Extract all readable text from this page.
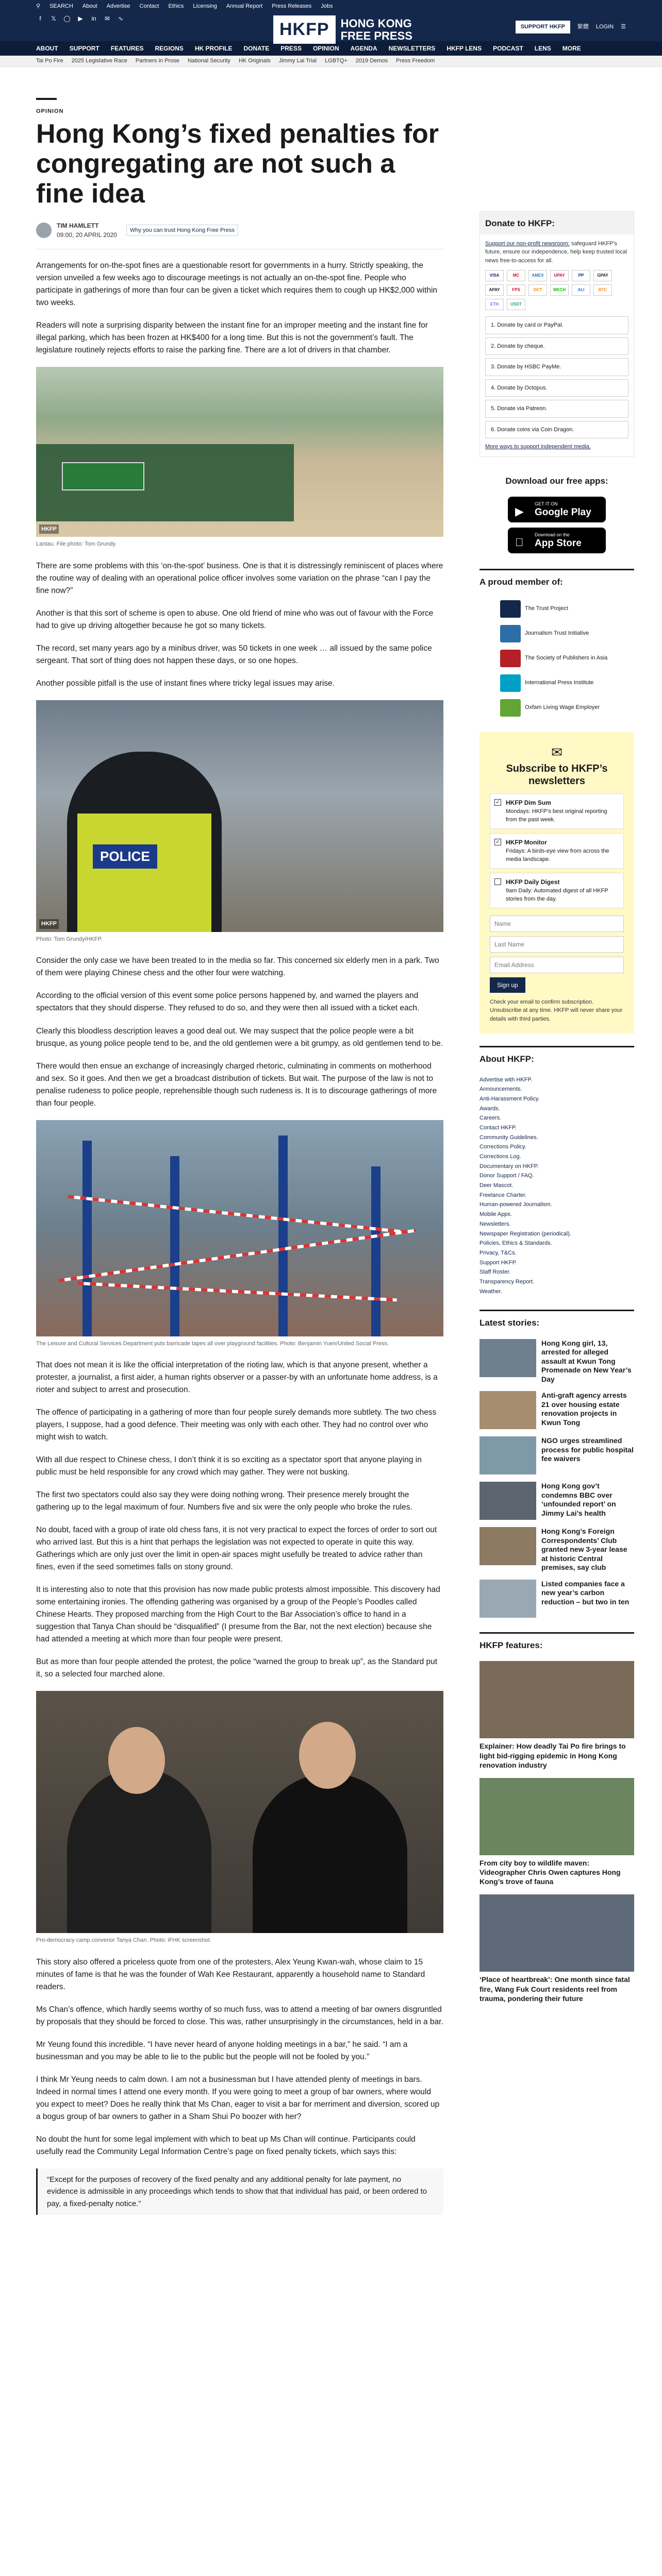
⚲ SEARCH About Advertise Contact Ethics Licensing Annual Report Press Releases Jobs
f	𝕏 ◯ ▶ in ✉ ∿
HKFP	HONG KONG
FREE PRESS
SUPPORT HKFP	繁體 LOGIN ☰
ABOUT SUPPORT FEATURES REGIONS HK PROFILE DONATE PRESS OPINION AGENDA NEWSLETTERS HKFP LENS PODCAST LENS MORE
Tai Po Fire 2025 Legislative Race Partners in Prose National Security HK Originals Jimmy Lai Trial LGBTQ+ 2019 Demos Press Freedom
OPINION
Hong Kong’s fixed penalties for congregating are not such a fine idea
TIM HAMLETT
09:00, 20 APRIL 2020
Why you can trust Hong Kong Free Press

Arrangements for on-the-spot fines are a questionable resort for governments in a hurry. Strictly speaking, the version unveiled a few weeks ago to discourage meetings is not actually an on-the-spot fine. People who participate in gatherings of more than four can be given a ticket which requires them to cough up HK$2,000 within two weeks.

Readers will note a surprising disparity between the instant fine for an improper meeting and the instant fine for illegal parking, which has been frozen at HK$400 for a long time. But this is not the government’s fault. The legislature routinely rejects efforts to raise the parking fine. There are a lot of drivers in that chamber.

HKFP
Lantau. File photo: Tom Grundy.

There are some problems with this ‘on-the-spot’ business. One is that it is distressingly reminiscent of places where the routine way of dealing with an operational police officer involves some variation on the phrase “can I pay the fine now?”

Another is that this sort of scheme is open to abuse. One old friend of mine who was out of favour with the Force had to give up driving altogether because he got so many tickets.

The record, set many years ago by a minibus driver, was 50 tickets in one week … all issued by the same police sergeant. That sort of thing does not happen these days, or so one hopes.

Another possible pitfall is the use of instant fines where tricky legal issues may arise.

POLICE
HKFP
Photo: Tom Grundy/HKFP.

Consider the only case we have been treated to in the media so far. This concerned six elderly men in a park. Two of them were playing Chinese chess and the other four were watching.

According to the official version of this event some police persons happened by, and warned the players and spectators that they should disperse. They refused to do so, and they were then all issued with a ticket each.

Clearly this bloodless description leaves a good deal out. We may suspect that the police people were a bit brusque, as young police people tend to be, and the old gentlemen were a bit grumpy, as old gentlemen tend to be.

There would then ensue an exchange of increasingly charged rhetoric, culminating in comments on motherhood and sex. So it goes. And then we get a broadcast distribution of tickets. But wait. The purpose of the law is not to penalise rudeness to police people, reprehensible though such rudeness is. It is to discourage gatherings of more than four people.

The Leisure and Cultural Services Department puts barricade tapes all over playground facilities. Photo: Benjamin Yuen/United Social Press.

That does not mean it is like the official interpretation of the rioting law, which is that anyone present, whether a protester, a journalist, a first aider, a human rights observer or a passer-by with an unfortunate home address, is a rioter and subject to arrest and prosecution.

The offence of participating in a gathering of more than four people surely demands more subtlety. The two chess players, I suppose, had a good defence. Their meeting was only with each other. They had no control over who might wish to watch.

With all due respect to Chinese chess, I don’t think it is so exciting as a spectator sport that anyone playing in public must be held responsible for any crowd which may gather. They were not busking.

The first two spectators could also say they were doing nothing wrong. Their presence merely brought the gathering up to the legal maximum of four. Numbers five and six were the only people who broke the rules.

No doubt, faced with a group of irate old chess fans, it is not very practical to expect the forces of order to sort out who arrived last. But this is a hint that perhaps the legislation was not expected to operate in quite this way. Gatherings which are only just over the limit in open-air spaces might usefully be treated to advice rather than fines, even if the seed sometimes falls on stony ground.

It is interesting also to note that this provision has now made public protests almost impossible. This discovery had some entertaining ironies. The offending gathering was organised by a group of the People’s Poodles called Chinese Hearts. They proposed marching from the High Court to the Bar Association’s office to hand in a suggestion that Tanya Chan should be “disqualified” (I presume from the Bar, not the next election) because she had attended a meeting at which more than four people were present.

But as more than four people attended the protest, the police “warned the group to break up”, as the Standard put it, so a selected four marched alone.

Pro-democracy camp convenor Tanya Chan. Photo: iFHK screenshot.

This story also offered a priceless quote from one of the protesters, Alex Yeung Kwan-wah, whose claim to 15 minutes of fame is that he was the founder of Wah Kee Restaurant, apparently a household name to Standard readers.

Ms Chan’s offence, which hardly seems worthy of so much fuss, was to attend a meeting of bar owners disgruntled by proposals that they should be forced to close. This was, rather unsurprisingly in the circumstances, held in a bar.

Mr Yeung found this incredible. “I have never heard of anyone holding meetings in a bar,” he said. “I am a businessman and you may be able to lie to the public but the people will not be fooled by you.”

I think Mr Yeung needs to calm down. I am not a businessman but I have attended plenty of meetings in bars. Indeed in normal times I attend one every month. If you were going to meet a group of bar owners, where would you expect to meet? Does he really think that Ms Chan, eager to visit a bar for merriment and diversion, scored up a bogus group of bar owners to gather in a Sham Shui Po boozer with her?

No doubt the hunt for some legal implement with which to beat up Ms Chan will continue. Participants could usefully read the Community Legal Information Centre’s page on fixed penalty tickets, which says this:

“Except for the purposes of recovery of the fixed penalty and any additional penalty for late payment, no evidence is admissible in any proceedings which tends to show that that individual has paid, or been ordered to pay, a fixed-penalty notice.”
Donate to HKFP:
Support our non-profit newsroom: safeguard HKFP’s future, ensure our independence, help keep trusted local news free-to-access for all.
VISA	MC	AMEX	UPAY	PP	GPAY
APAY	FPS	OCT	WECH	ALI	BTC
ETH	USDT
1. Donate by card or PayPal.
2. Donate by cheque.
3. Donate by HSBC PayMe.
4. Donate by Octopus.
5. Donate via Patreon.
6. Donate coins via Coin Dragon.
More ways to support independent media.
Download our free apps:
▶
GET IT ON
Google Play
Download on the
App Store
A proud member of:
The Trust Project
Journalism Trust Initiative
The Society of Publishers in Asia
International Press Institute
Oxfam Living Wage Employer
✉
Subscribe to HKFP’s newsletters
✓ HKFP Dim Sum
Mondays: HKFP’s best original reporting from the past week.
✓ HKFP Monitor
Fridays: A birds-eye view from across the media landscape.
HKFP Daily Digest
9am Daily: Automated digest of all HKFP stories from the day.
Name
Last Name
Email Address
Sign up
Check your email to confirm subscription. Unsubscribe at any time. HKFP will never share your details with third parties.
About HKFP:
Advertise with HKFP.
Announcements.
Anti-Harassment Policy.
Awards.
Careers.
Contact HKFP.
Community Guidelines.
Corrections Policy.
Corrections Log.
Documentary on HKFP.
Donor Support / FAQ.
Deer Mascot.
Freelance Charter.
Human-powered Journalism.
Mobile Apps.
Newsletters.
Newspaper Registration (periodical).
Policies, Ethics & Standards.
Privacy, T&Cs.
Support HKFP.
Staff Roster.
Transparency Report.
Weather.
Latest stories:
Hong Kong girl, 13, arrested for alleged assault at Kwun Tong Promenade on New Year’s Day
Anti-graft agency arrests 21 over housing estate renovation projects in Kwun Tong
NGO urges streamlined process for public hospital fee waivers
Hong Kong gov’t condemns BBC over ‘unfounded report’ on Jimmy Lai’s health
Hong Kong’s Foreign Correspondents’ Club granted new 3-year lease at historic Central premises, say club
Listed companies face a new year’s carbon reduction – but two in ten
HKFP features:
Explainer: How deadly Tai Po fire brings to light bid-rigging epidemic in Hong Kong renovation industry
From city boy to wildlife maven: Videographer Chris Owen captures Hong Kong’s trove of fauna
‘Place of heartbreak’: One month since fatal fire, Wang Fuk Court residents reel from trauma, pondering their future
